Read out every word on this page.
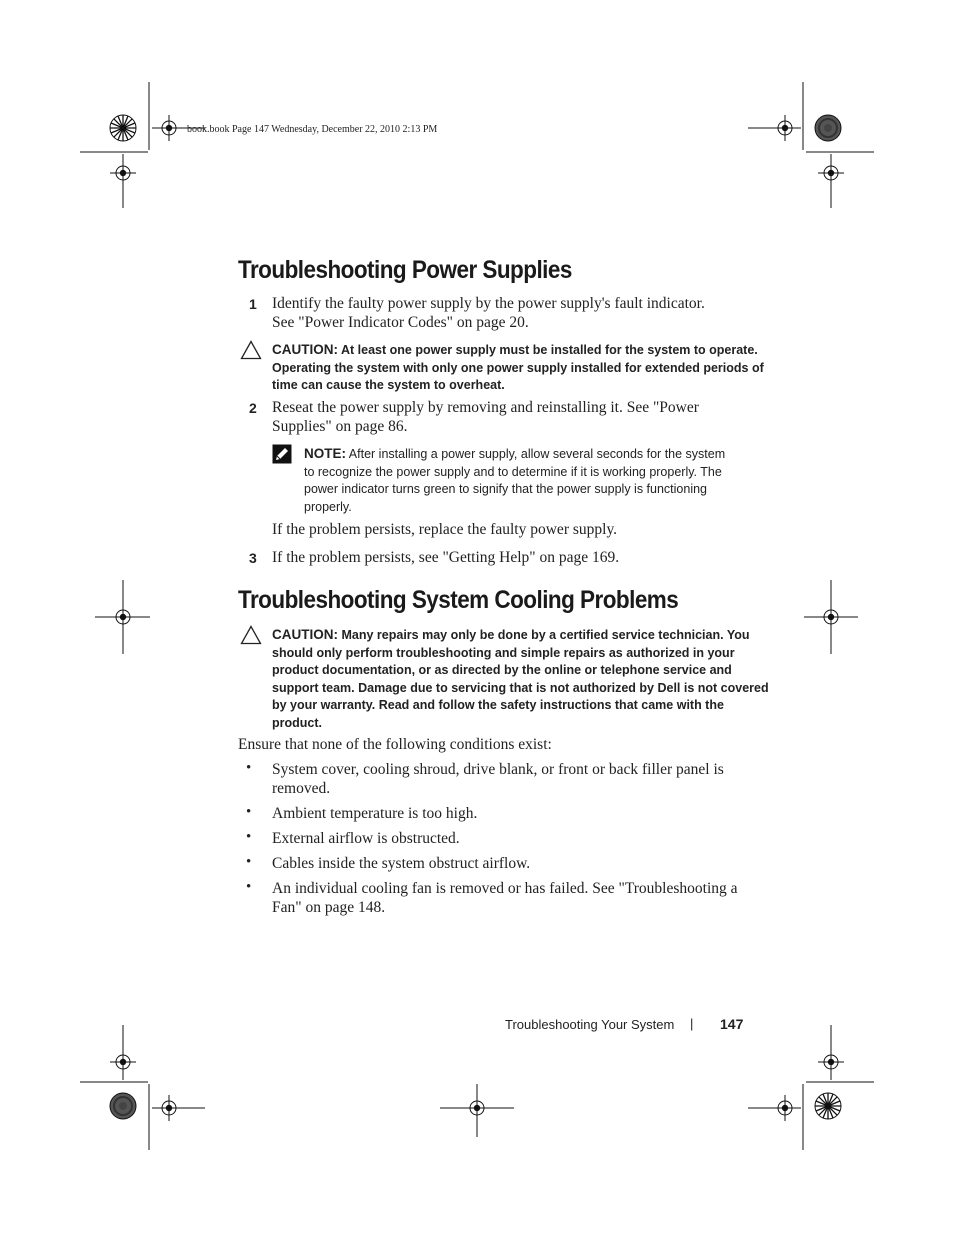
book.book Page 147 Wednesday, December 22, 2010 2:13 PM
Troubleshooting Power Supplies
1 Identify the faulty power supply by the power supply's fault indicator.
See "Power Indicator Codes" on page 20.
CAUTION: At least one power supply must be installed for the system to operate.
Operating the system with only one power supply installed for extended periods of
time can cause the system to overheat.
2 Reseat the power supply by removing and reinstalling it. See "Power
Supplies" on page 86.
NOTE: After installing a power supply, allow several seconds for the system
to recognize the power supply and to determine if it is working properly. The
power indicator turns green to signify that the power supply is functioning
properly.
If the problem persists, replace the faulty power supply.
3 If the problem persists, see "Getting Help" on page 169.
Troubleshooting System Cooling Problems
CAUTION: Many repairs may only be done by a certified service technician. You
should only perform troubleshooting and simple repairs as authorized in your
product documentation, or as directed by the online or telephone service and
support team. Damage due to servicing that is not authorized by Dell is not covered
by your warranty. Read and follow the safety instructions that came with the
product.
Ensure that none of the following conditions exist:
• System cover, cooling shroud, drive blank, or front or back filler panel is
removed.
• Ambient temperature is too high.
• External airflow is obstructed.
• Cables inside the system obstruct airflow.
• An individual cooling fan is removed or has failed. See "Troubleshooting a
Fan" on page 148.
Troubleshooting Your System | 147
